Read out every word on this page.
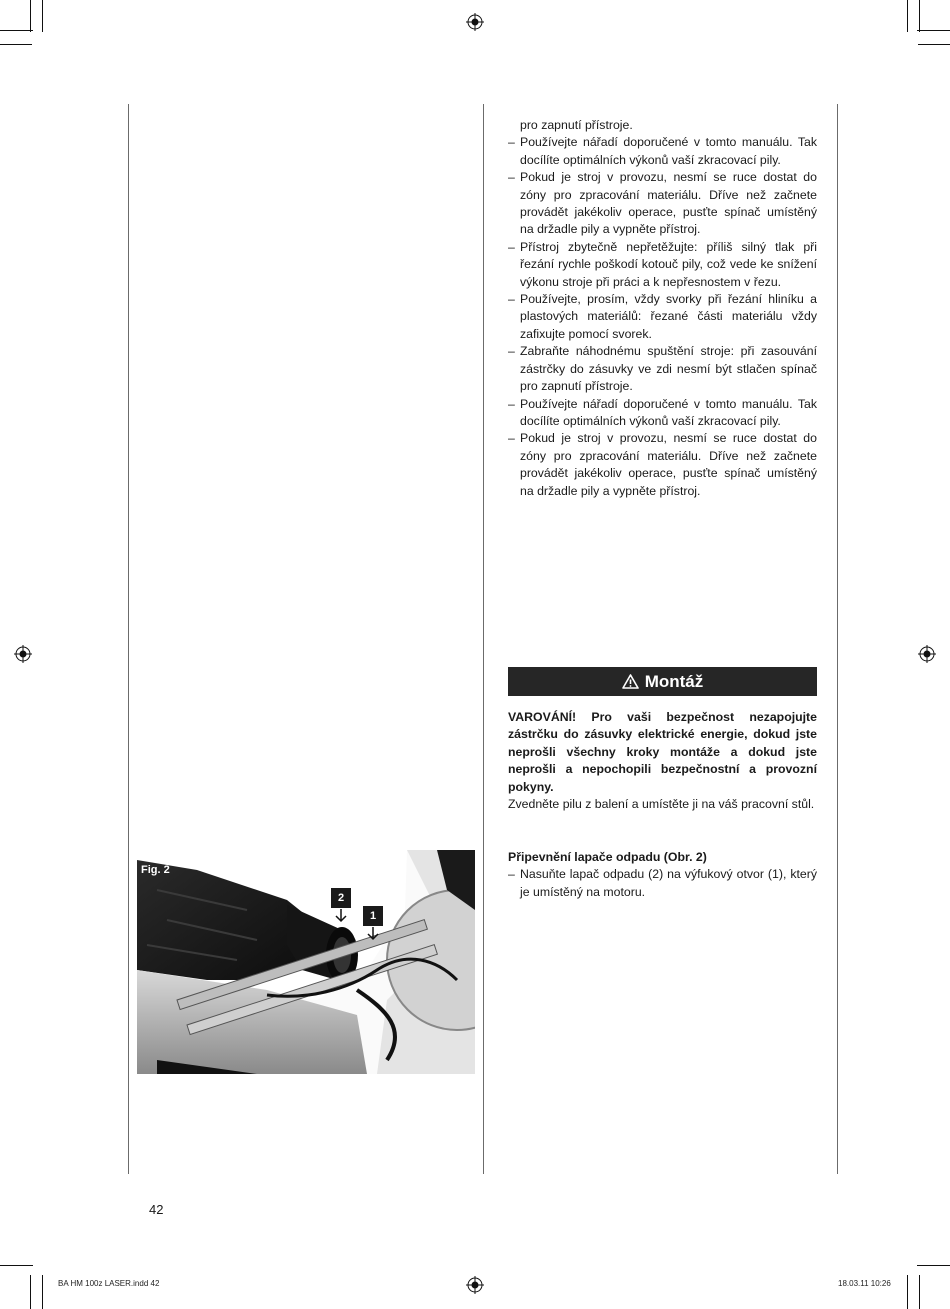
pro zapnutí přístroje.
– Používejte nářadí doporučené v tomto manuálu. Tak docílíte optimálních výkonů vaší zkracovací pily.
– Pokud je stroj v provozu, nesmí se ruce dostat do zóny pro zpracování materiálu. Dříve než začnete provádět jakékoliv operace, pusťte spínač umístěný na držadle pily a vypněte přístroj.
– Přístroj zbytečně nepřetěžujte: příliš silný tlak při řezání rychle poškodí kotouč pily, což vede ke snížení výkonu stroje při práci a k nepřesnostem v řezu.
– Používejte, prosím, vždy svorky při řezání hliníku a plastových materiálů: řezané části materiálu vždy zafixujte pomocí svorek.
– Zabraňte náhodnému spuštění stroje: při zasouvání zástrčky do zásuvky ve zdi nesmí být stlačen spínač pro zapnutí přístroje.
– Používejte nářadí doporučené v tomto manuálu. Tak docílíte optimálních výkonů vaší zkracovací pily.
– Pokud je stroj v provozu, nesmí se ruce dostat do zóny pro zpracování materiálu. Dříve než začnete provádět jakékoliv operace, pusťte spínač umístěný na držadle pily a vypněte přístroj.
Montáž
VAROVÁNÍ! Pro vaši bezpečnost nezapojujte zástrčku do zásuvky elektrické energie, dokud jste neprošli všechny kroky montáže a dokud jste neprošli a nepochopili bezpečnostní a provozní pokyny.
Zvedněte pilu z balení a umístěte ji na váš pracovní stůl.
Připevnění lapače odpadu (Obr. 2)
– Nasuňte lapač odpadu (2) na výfukový otvor (1), který je umístěný na motoru.
Fig. 2
2
1
42
BA HM 100z LASER.indd 42	18.03.11 10:26
